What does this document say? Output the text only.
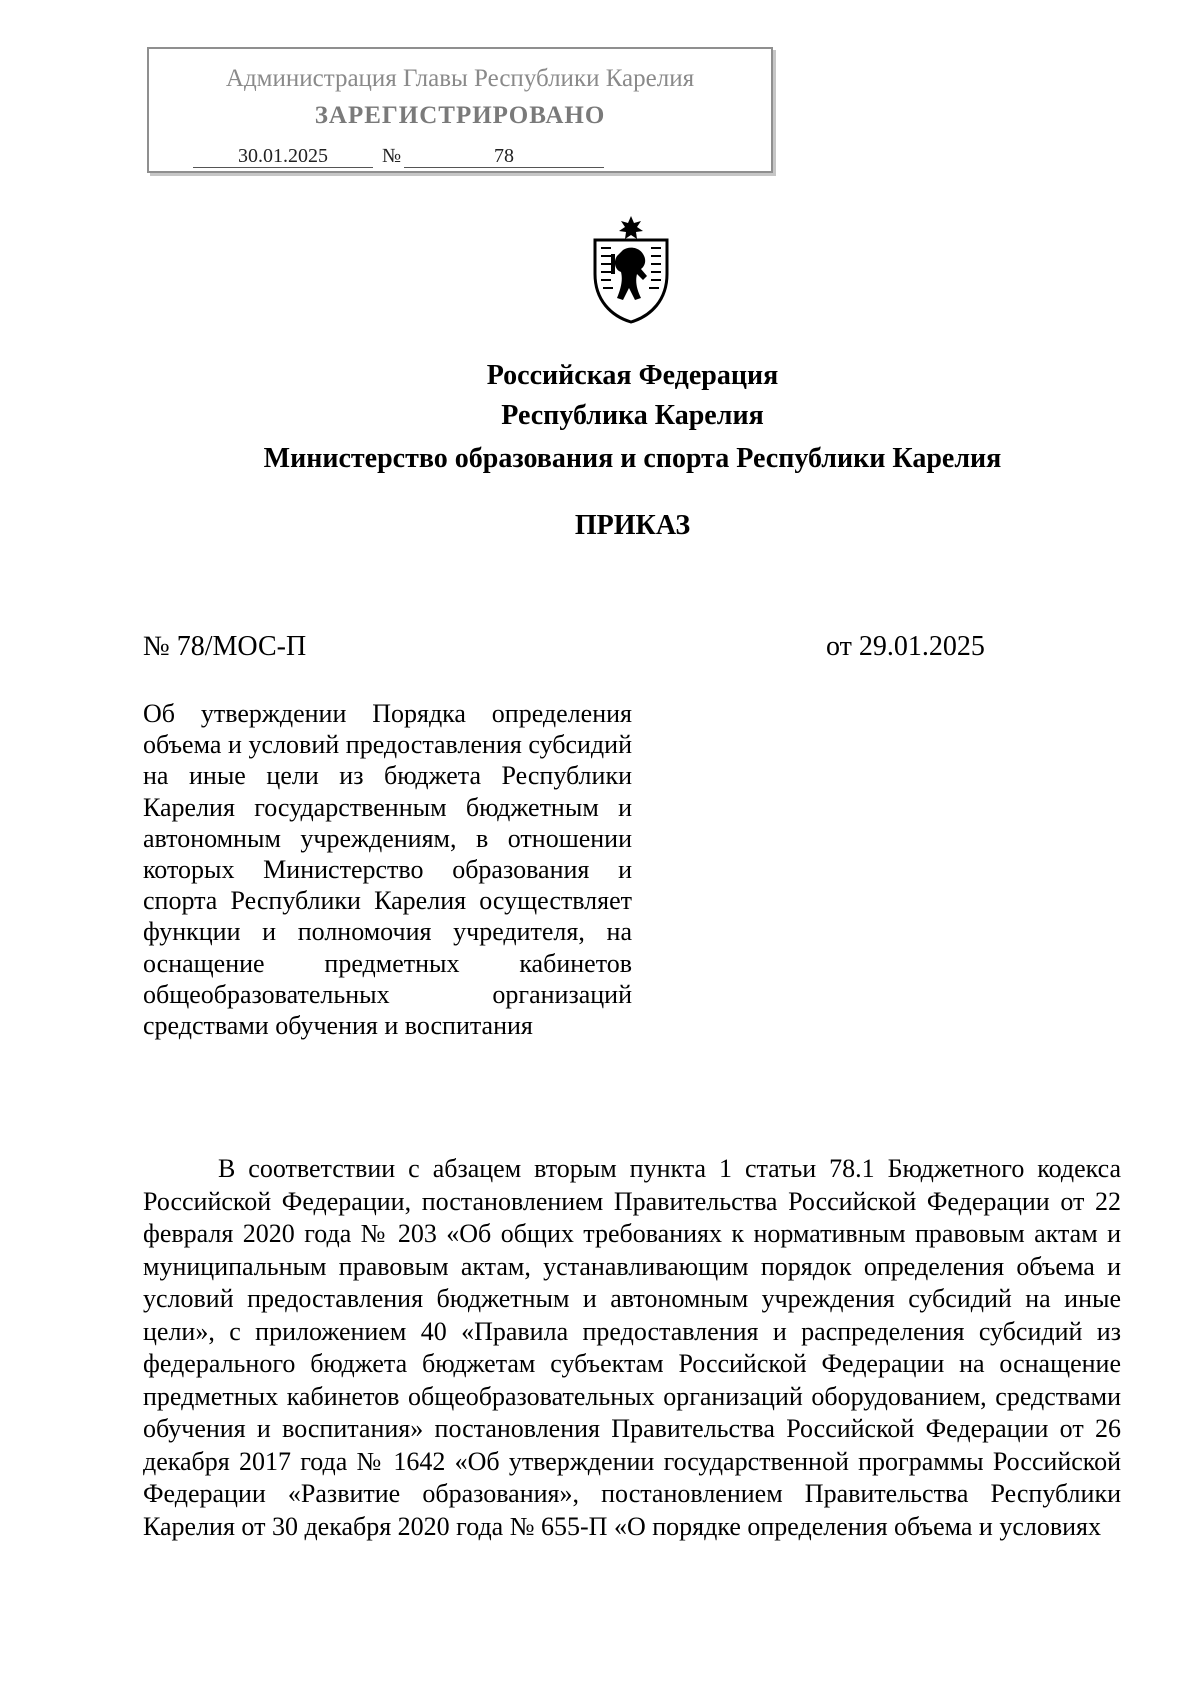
Администрация Главы Республики Карелия
ЗАРЕГИСТРИРОВАНО
30.01.2025	№	78
Российская Федерация
Республика Карелия
Министерство образования и спорта Республики Карелия
ПРИКАЗ
№ 78/МОС-П	от 29.01.2025
Об утверждении Порядка определения объема и условий предоставления субсидий на иные цели из бюджета Республики Карелия государственным бюджетным и автономным учреждениям, в отношении которых Министерство образования и спорта Республики Карелия осуществляет функции и полномочия учредителя, на оснащение предметных кабинетов общеобразовательных организаций средствами обучения и воспитания
В соответствии с абзацем вторым пункта 1 статьи 78.1 Бюджетного кодекса Российской Федерации, постановлением Правительства Российской Федерации от 22 февраля 2020 года № 203 «Об общих требованиях к нормативным правовым актам и муниципальным правовым актам, устанавливающим порядок определения объема и условий предоставления бюджетным и автономным учреждения субсидий на иные цели», с приложением 40 «Правила предоставления и распределения субсидий из федерального бюджета бюджетам субъектам Российской Федерации на оснащение предметных кабинетов общеобразовательных организаций оборудованием, средствами обучения и воспитания» постановления Правительства Российской Федерации от 26 декабря 2017 года № 1642 «Об утверждении государственной программы Российской Федерации «Развитие образования», постановлением Правительства Республики Карелия от 30 декабря 2020 года № 655-П «О порядке определения объема и условиях
